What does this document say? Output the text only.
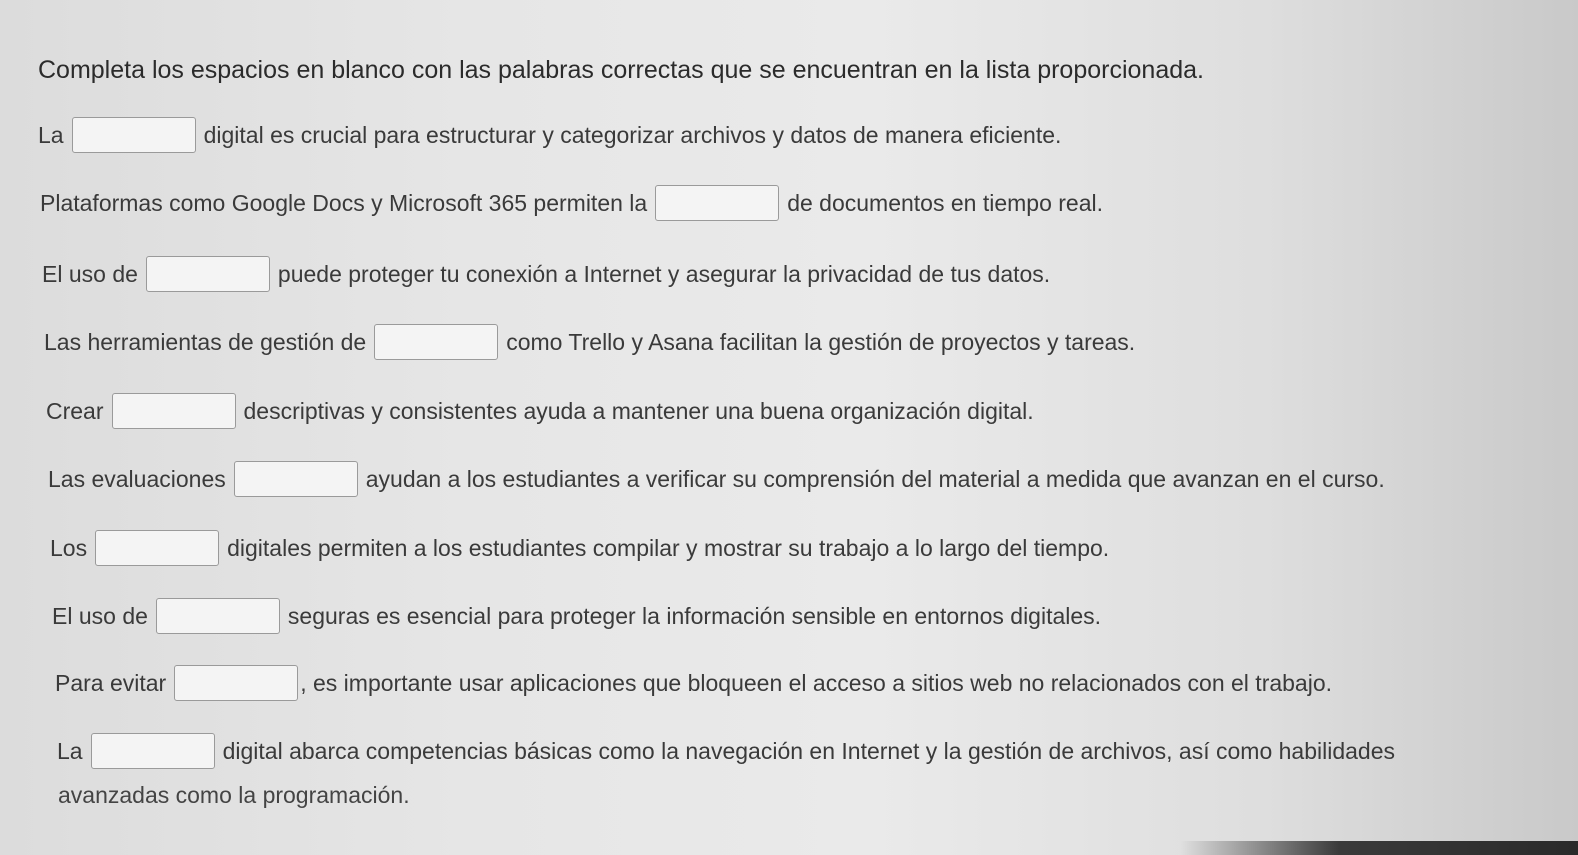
Completa los espacios en blanco con las palabras correctas que se encuentran en la lista proporcionada.
La	digital es crucial para estructurar y categorizar archivos y datos de manera eficiente.
Plataformas como Google Docs y Microsoft 365 permiten la	de documentos en tiempo real.
El uso de	puede proteger tu conexión a Internet y asegurar la privacidad de tus datos.
Las herramientas de gestión de	como Trello y Asana facilitan la gestión de proyectos y tareas.
Crear	descriptivas y consistentes ayuda a mantener una buena organización digital.
Las evaluaciones	ayudan a los estudiantes a verificar su comprensión del material a medida que avanzan en el curso.
Los	digitales permiten a los estudiantes compilar y mostrar su trabajo a lo largo del tiempo.
El uso de	seguras es esencial para proteger la información sensible en entornos digitales.
Para evitar	, es importante usar aplicaciones que bloqueen el acceso a sitios web no relacionados con el trabajo.
La	digital abarca competencias básicas como la navegación en Internet y la gestión de archivos, así como habilidades
avanzadas como la programación.
